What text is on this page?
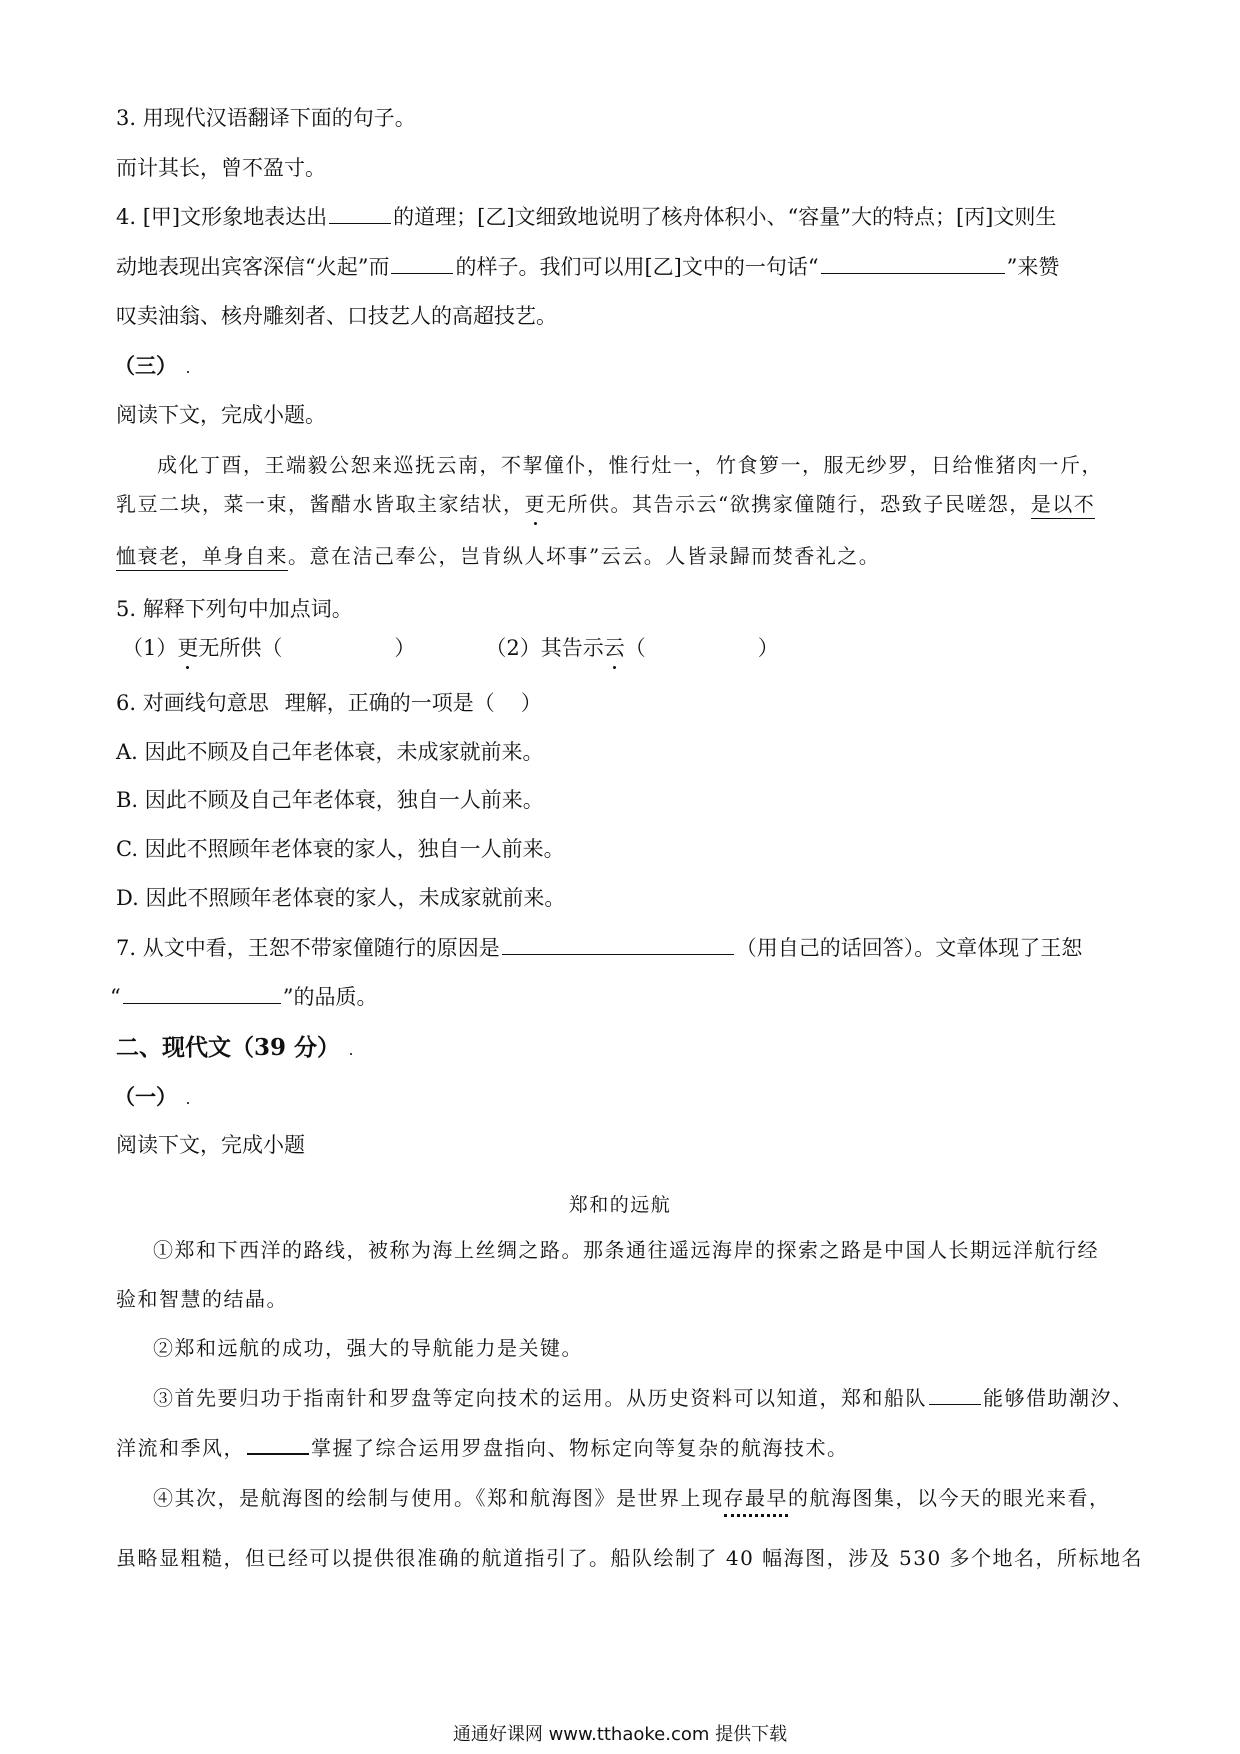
3. 用现代汉语翻译下面的句子。
而计其长，曾不盈寸。
4. [甲]文形象地表达出	的道理；[乙]文细致地说明了核舟体积小、“容量”大的特点；[丙]文则生
动地表现出宾客深信“火起”而	的样子。我们可以用[乙]文中的一句话“	”来赞
叹卖油翁、核舟雕刻者、口技艺人的高超技艺。
（三）
阅读下文，完成小题。
成化丁酉，王端毅公恕来巡抚云南，不挈僮仆，惟行灶一，竹食箩一，服无纱罗，日给惟猪肉一斤，
乳豆二块，菜一束，酱醋水皆取主家结状，更无所供。其告示云“欲携家僮随行，恐致子民嗟怨，是以不
恤衰老，单身自来。意在洁己奉公，岂肯纵人坏事”云云。人皆录歸而焚香礼之。
5. 解释下列句中加点词。
（1）更无所供（	）	（2）其告示云（	）
6. 对画线句意思 理解，正确的一项是（ ）
A. 因此不顾及自己年老体衰，未成家就前来。
B. 因此不顾及自己年老体衰，独自一人前来。
C. 因此不照顾年老体衰的家人，独自一人前来。
D. 因此不照顾年老体衰的家人，未成家就前来。
7. 从文中看，王恕不带家僮随行的原因是	（用自己的话回答）。文章体现了王恕
“	”的品质。
二、现代文（39 分）
（一）
阅读下文，完成小题
郑和的远航
①郑和下西洋的路线，被称为海上丝绸之路。那条通往遥远海岸的探索之路是中国人长期远洋航行经
验和智慧的结晶。
②郑和远航的成功，强大的导航能力是关键。
③首先要归功于指南针和罗盘等定向技术的运用。从历史资料可以知道，郑和船队	能够借助潮汐、
洋流和季风，	掌握了综合运用罗盘指向、物标定向等复杂的航海技术。
④其次，是航海图的绘制与使用。《郑和航海图》是世界上现存最早的航海图集，以今天的眼光来看，
虽略显粗糙，但已经可以提供很准确的航道指引了。船队绘制了 40 幅海图，涉及 530 多个地名，所标地名
通通好课网 www.tthaoke.com 提供下载
